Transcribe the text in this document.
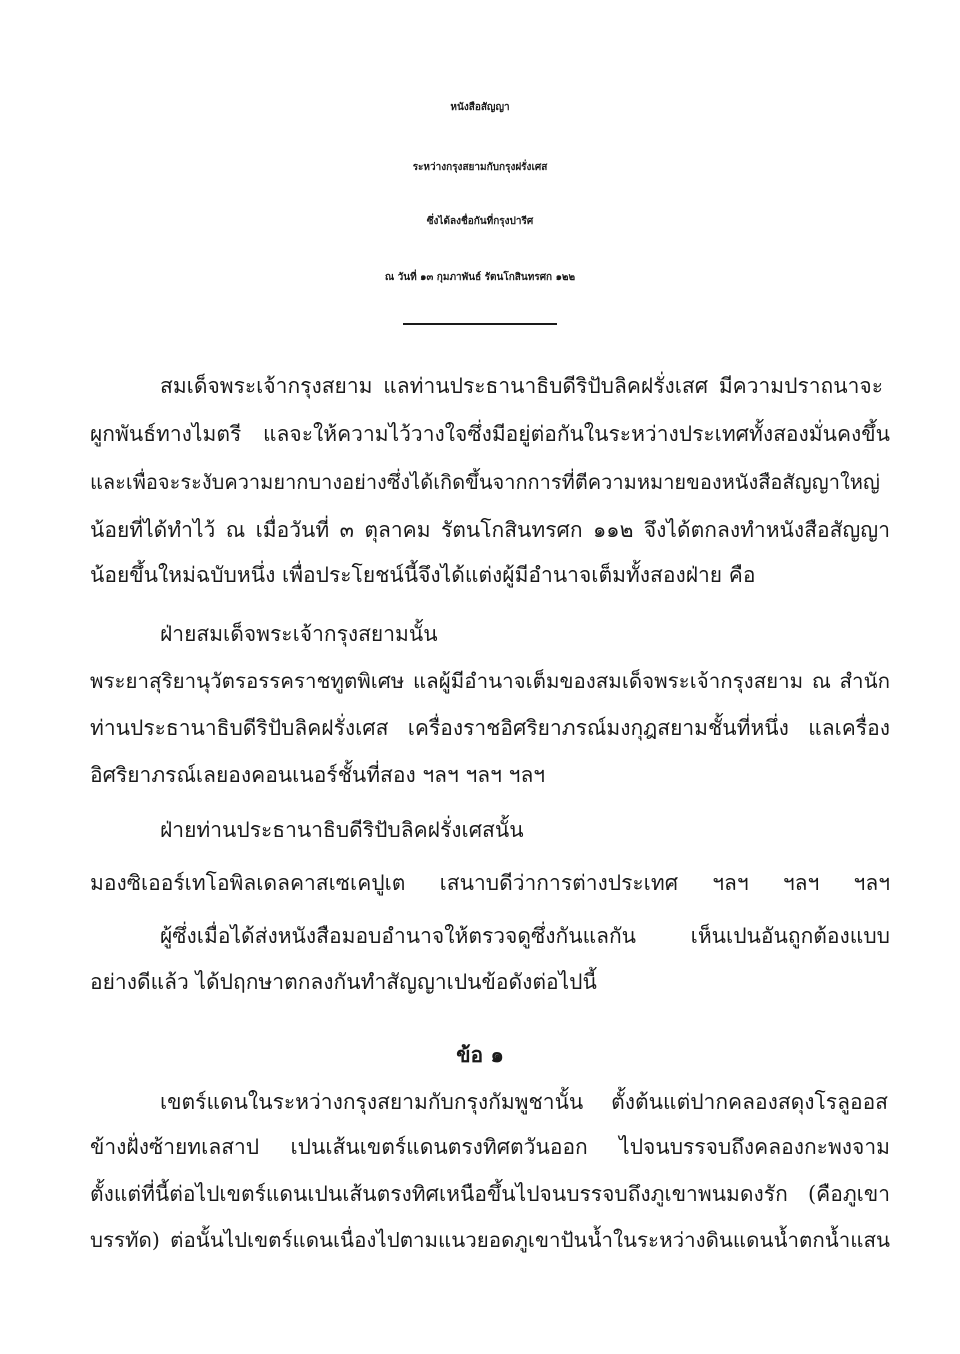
หนังสือสัญญา
ระหว่างกรุงสยามกับกรุงฝรั่งเศส
ซึ่งได้ลงชื่อกันที่กรุงปารีศ
ณ วันที่ ๑๓ กุมภาพันธ์ รัตนโกสินทรศก ๑๒๒
สมเด็จพระเจ้ากรุงสยาม แลท่านประธานาธิบดีริปับลิคฝรั่งเสศ มีความปราถนาจะ
ผูกพันธ์ทางไมตรี แลจะให้ความไว้วางใจซึ่งมีอยู่ต่อกันในระหว่างประเทศทั้งสองมั่นคงขึ้น
และเพื่อจะระงับความยากบางอย่างซึ่งได้เกิดขึ้นจากการที่ตีความหมายของหนังสือสัญญาใหญ่
น้อยที่ได้ทำไว้ ณ เมื่อวันที่ ๓ ตุลาคม รัตนโกสินทรศก ๑๑๒ จึงได้ตกลงทำหนังสือสัญญา
น้อยขึ้นใหม่ฉบับหนึ่ง เพื่อประโยชน์นี้จึงได้แต่งผู้มีอำนาจเต็มทั้งสองฝ่าย คือ
ฝ่ายสมเด็จพระเจ้ากรุงสยามนั้น
พระยาสุริยานุวัตรอรรคราชทูตพิเศษ แลผู้มีอำนาจเต็มของสมเด็จพระเจ้ากรุงสยาม ณ สำนัก
ท่านประธานาธิบดีริปับลิคฝรั่งเศส เครื่องราชอิศริยาภรณ์มงกุฎสยามชั้นที่หนึ่ง แลเครื่อง
อิศริยาภรณ์เลยองคอนเนอร์ชั้นที่สอง ฯลฯ ฯลฯ ฯลฯ
ฝ่ายท่านประธานาธิบดีริปับลิคฝรั่งเศสนั้น
มองซิเออร์เทโอพิลเดลคาสเซเคปูเต เสนาบดีว่าการต่างประเทศ ฯลฯ ฯลฯ ฯลฯ
ผู้ซึ่งเมื่อได้ส่งหนังสือมอบอำนาจให้ตรวจดูซึ่งกันแลกัน เห็นเปนอันถูกต้องแบบ
อย่างดีแล้ว ได้ปฤกษาตกลงกันทำสัญญาเปนข้อดังต่อไปนี้
ข้อ ๑
เขตร์แดนในระหว่างกรุงสยามกับกรุงกัมพูชานั้น ตั้งต้นแต่ปากคลองสดุงโรลูออส
ข้างฝั่งซ้ายทเลสาป เปนเส้นเขตร์แดนตรงทิศตวันออก ไปจนบรรจบถึงคลองกะพงจาม
ตั้งแต่ที่นี้ต่อไปเขตร์แดนเปนเส้นตรงทิศเหนือขึ้นไปจนบรรจบถึงภูเขาพนมดงรัก (คือภูเขา
บรรทัด) ต่อนั้นไปเขตร์แดนเนื่องไปตามแนวยอดภูเขาปันน้ำในระหว่างดินแดนน้ำตกน้ำแสน
